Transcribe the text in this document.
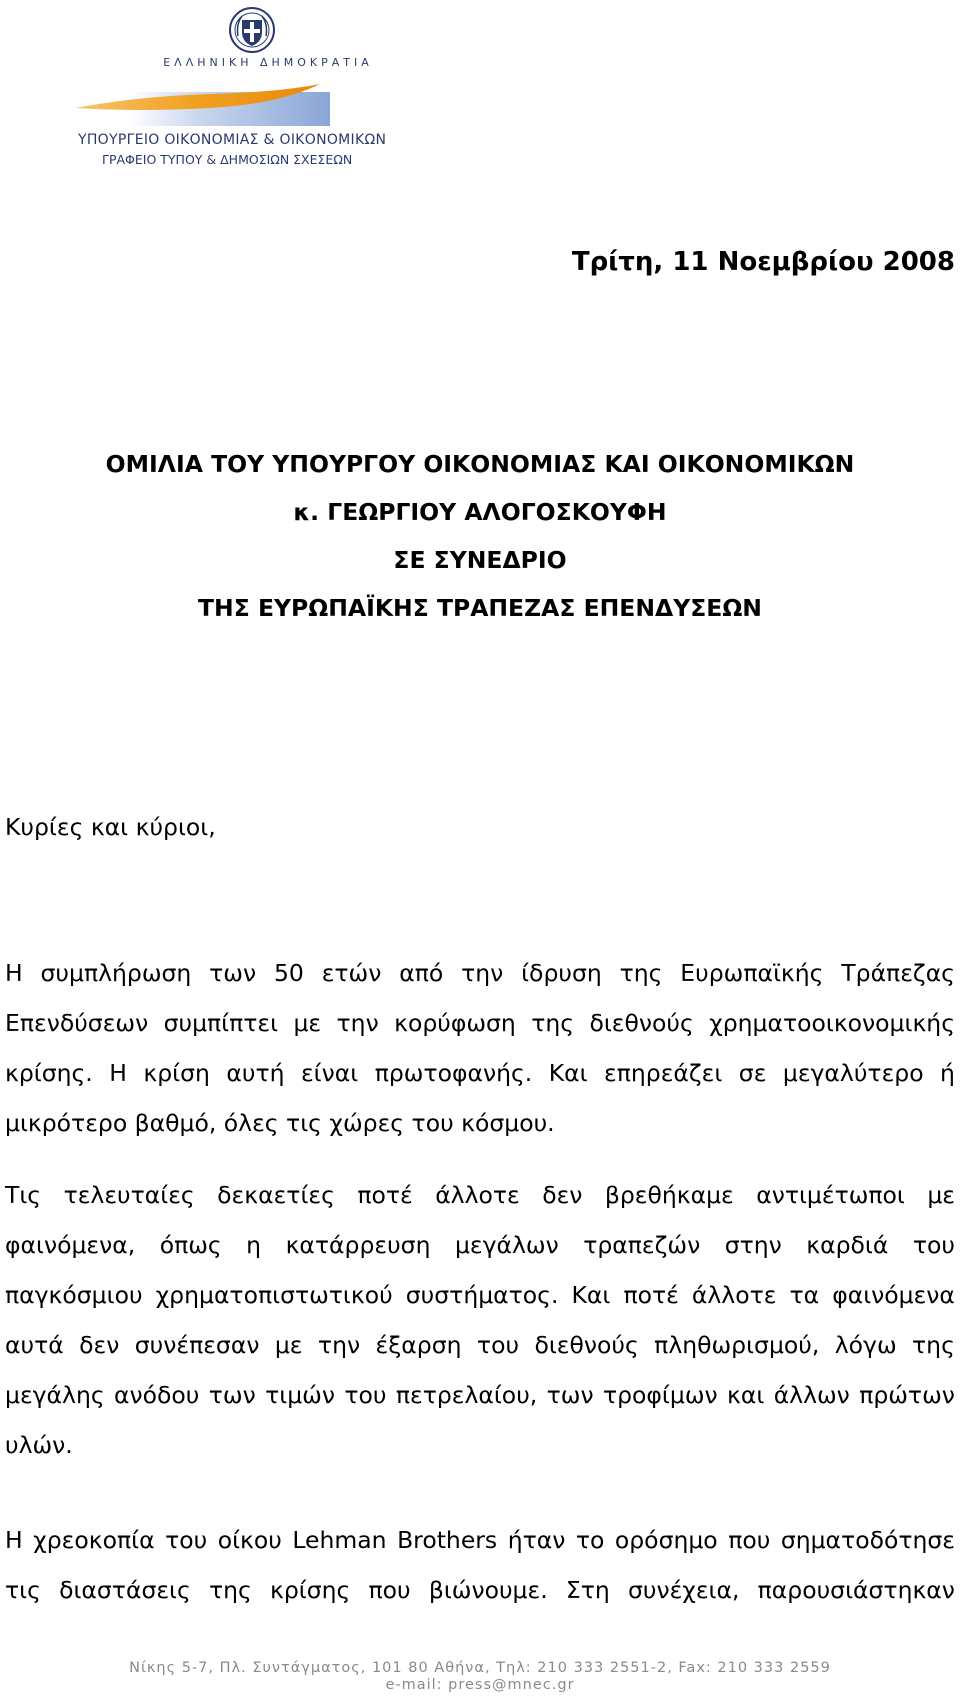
ΕΛΛΗΝΙΚΗ ΔΗΜΟΚΡΑΤΙΑ
ΥΠΟΥΡΓΕΙΟ ΟΙΚΟΝΟΜΙΑΣ & ΟΙΚΟΝΟΜΙΚΩΝ
ΓΡΑΦΕΙΟ ΤΥΠΟΥ & ΔΗΜΟΣΙΩΝ ΣΧΕΣΕΩΝ
Τρίτη, 11 Νοεμβρίου 2008
ΟΜΙΛΙΑ ΤΟΥ ΥΠΟΥΡΓΟΥ ΟΙΚΟΝΟΜΙΑΣ ΚΑΙ ΟΙΚΟΝΟΜΙΚΩΝ
κ. ΓΕΩΡΓΙΟΥ ΑΛΟΓΟΣΚΟΥΦΗ
ΣΕ ΣΥΝΕΔΡΙΟ
ΤΗΣ ΕΥΡΩΠΑΪΚΗΣ ΤΡΑΠΕΖΑΣ ΕΠΕΝΔΥΣΕΩΝ
Κυρίες και κύριοι,
Η συμπλήρωση των 50 ετών από την ίδρυση της Ευρωπαϊκής Τράπεζας
Επενδύσεων συμπίπτει με την κορύφωση της διεθνούς χρηματοοικονομικής
κρίσης. Η κρίση αυτή είναι πρωτοφανής. Και επηρεάζει σε μεγαλύτερο ή
μικρότερο βαθμό, όλες τις χώρες του κόσμου.
Τις τελευταίες δεκαετίες ποτέ άλλοτε δεν βρεθήκαμε αντιμέτωποι με
φαινόμενα, όπως η κατάρρευση μεγάλων τραπεζών στην καρδιά του
παγκόσμιου χρηματοπιστωτικού συστήματος. Και ποτέ άλλοτε τα φαινόμενα
αυτά δεν συνέπεσαν με την έξαρση του διεθνούς πληθωρισμού, λόγω της
μεγάλης ανόδου των τιμών του πετρελαίου, των τροφίμων και άλλων πρώτων
υλών.
Η χρεοκοπία του οίκου Lehman Brothers ήταν το ορόσημο που σηματοδότησε
τις διαστάσεις της κρίσης που βιώνουμε. Στη συνέχεια, παρουσιάστηκαν
Νίκης 5-7, Πλ. Συντάγματος, 101 80 Αθήνα, Τηλ: 210 333 2551-2, Fax: 210 333 2559
e-mail: press@mnec.gr
